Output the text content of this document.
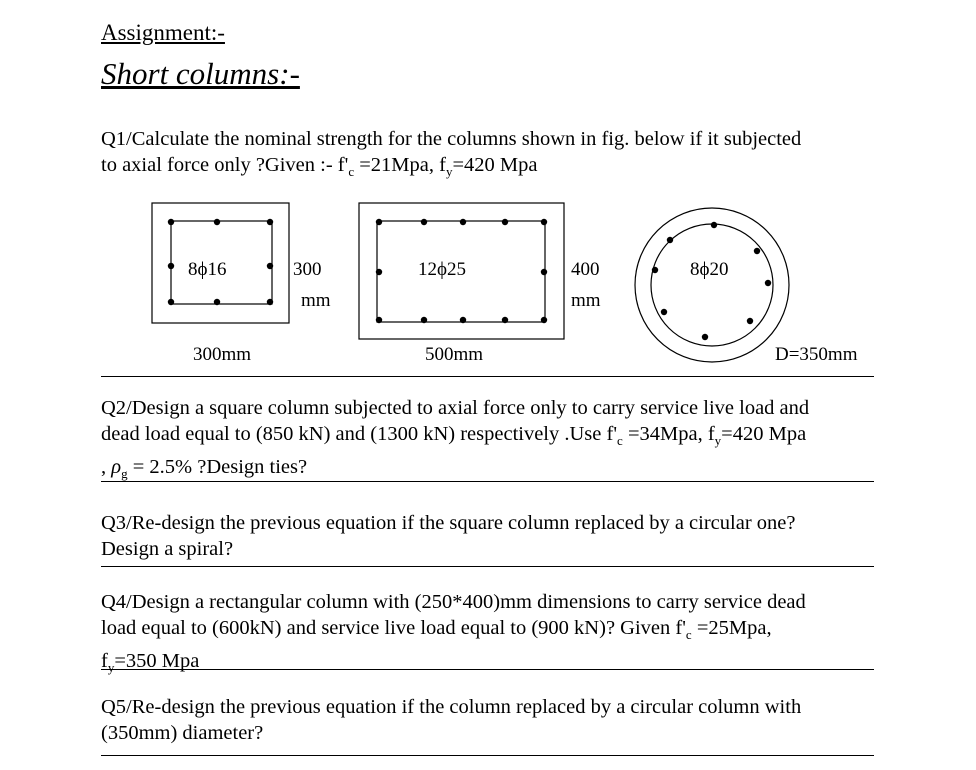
Assignment:-
Short columns:-
Q1/Calculate the nominal strength for the columns shown in fig. below if it subjected
to axial force only ?Given :- $f'_c =21Mpa$, $f_y=420$ Mpa
8ϕ16	300
mm
300mm
12ϕ25	400
mm
500mm
8ϕ20
D=350mm
Q2/Design a square column subjected to axial force only to carry service live load and
dead load equal to (850 kN) and (1300 kN) respectively .Use $f'_c =34Mpa$, $f_y=420$ Mpa
, $\rho_g = 2.5\%$ ?Design ties?
Q3/Re-design the previous equation if the square column replaced by a circular one?
Design a spiral?
Q4/Design a rectangular column with (250*400)mm dimensions to carry service dead
load equal to (600kN) and service live load equal to (900 kN)? Given $f'_c =25Mpa$,
$f_y=350$ Mpa
Q5/Re-design the previous equation if the column replaced by a circular column with
(350mm) diameter?
